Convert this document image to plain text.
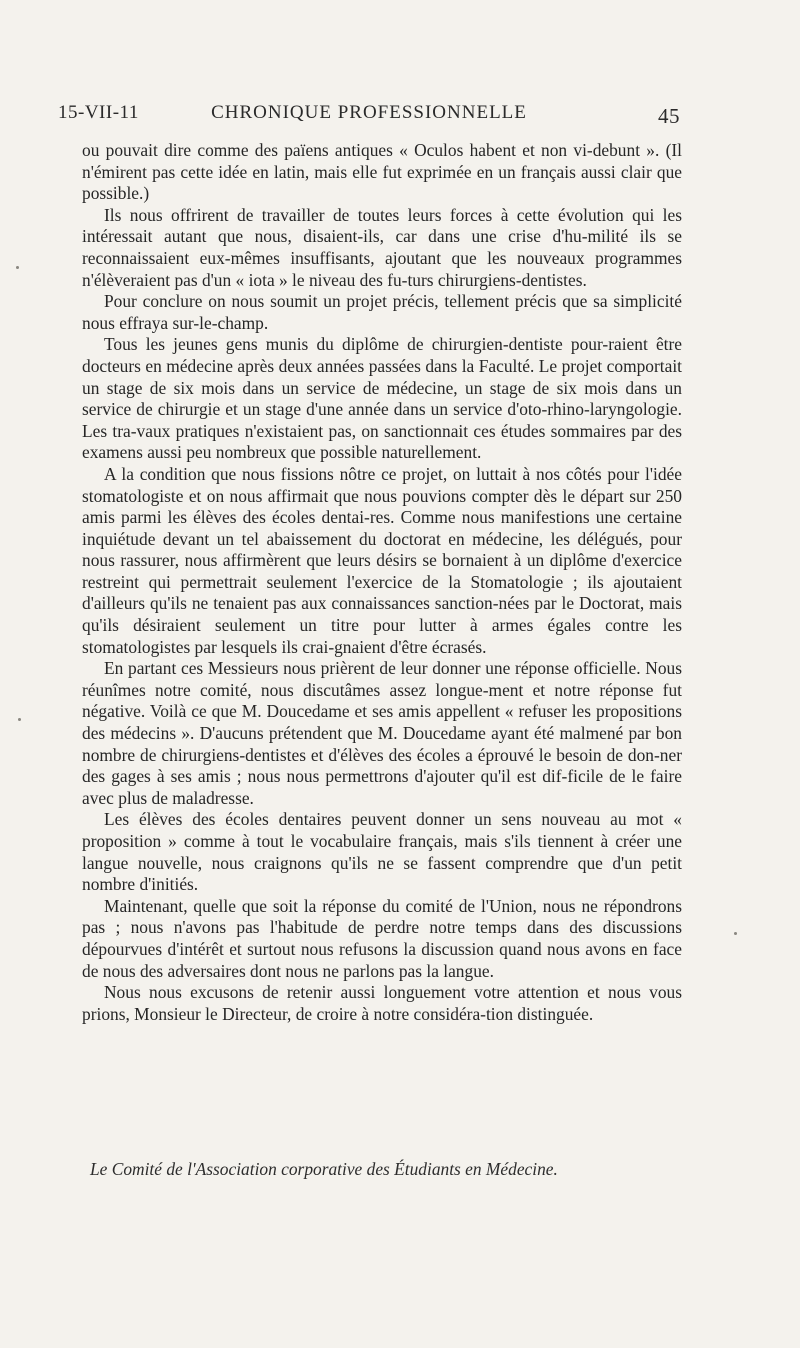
15-VII-11	CHRONIQUE PROFESSIONNELLE	45

ou pouvait dire comme des païens antiques « Oculos habent et non vi-debunt ». (Il n'émirent pas cette idée en latin, mais elle fut exprimée en un français aussi clair que possible.)

Ils nous offrirent de travailler de toutes leurs forces à cette évolution qui les intéressait autant que nous, disaient-ils, car dans une crise d'hu-milité ils se reconnaissaient eux-mêmes insuffisants, ajoutant que les nouveaux programmes n'élèveraient pas d'un « iota » le niveau des fu-turs chirurgiens-dentistes.

Pour conclure on nous soumit un projet précis, tellement précis que sa simplicité nous effraya sur-le-champ.

Tous les jeunes gens munis du diplôme de chirurgien-dentiste pour-raient être docteurs en médecine après deux années passées dans la Faculté. Le projet comportait un stage de six mois dans un service de médecine, un stage de six mois dans un service de chirurgie et un stage d'une année dans un service d'oto-rhino-laryngologie. Les tra-vaux pratiques n'existaient pas, on sanctionnait ces études sommaires par des examens aussi peu nombreux que possible naturellement.

A la condition que nous fissions nôtre ce projet, on luttait à nos côtés pour l'idée stomatologiste et on nous affirmait que nous pouvions compter dès le départ sur 250 amis parmi les élèves des écoles dentai-res. Comme nous manifestions une certaine inquiétude devant un tel abaissement du doctorat en médecine, les délégués, pour nous rassurer, nous affirmèrent que leurs désirs se bornaient à un diplôme d'exercice restreint qui permettrait seulement l'exercice de la Stomatologie ; ils ajoutaient d'ailleurs qu'ils ne tenaient pas aux connaissances sanction-nées par le Doctorat, mais qu'ils désiraient seulement un titre pour lutter à armes égales contre les stomatologistes par lesquels ils crai-gnaient d'être écrasés.

En partant ces Messieurs nous prièrent de leur donner une réponse officielle. Nous réunîmes notre comité, nous discutâmes assez longue-ment et notre réponse fut négative. Voilà ce que M. Doucedame et ses amis appellent « refuser les propositions des médecins ». D'aucuns prétendent que M. Doucedame ayant été malmené par bon nombre de chirurgiens-dentistes et d'élèves des écoles a éprouvé le besoin de don-ner des gages à ses amis ; nous nous permettrons d'ajouter qu'il est dif-ficile de le faire avec plus de maladresse.

Les élèves des écoles dentaires peuvent donner un sens nouveau au mot « proposition » comme à tout le vocabulaire français, mais s'ils tiennent à créer une langue nouvelle, nous craignons qu'ils ne se fassent comprendre que d'un petit nombre d'initiés.

Maintenant, quelle que soit la réponse du comité de l'Union, nous ne répondrons pas ; nous n'avons pas l'habitude de perdre notre temps dans des discussions dépourvues d'intérêt et surtout nous refusons la discussion quand nous avons en face de nous des adversaires dont nous ne parlons pas la langue.

Nous nous excusons de retenir aussi longuement votre attention et nous vous prions, Monsieur le Directeur, de croire à notre considéra-tion distinguée.

Le Comité de l'Association corporative des Étudiants en Médecine.
